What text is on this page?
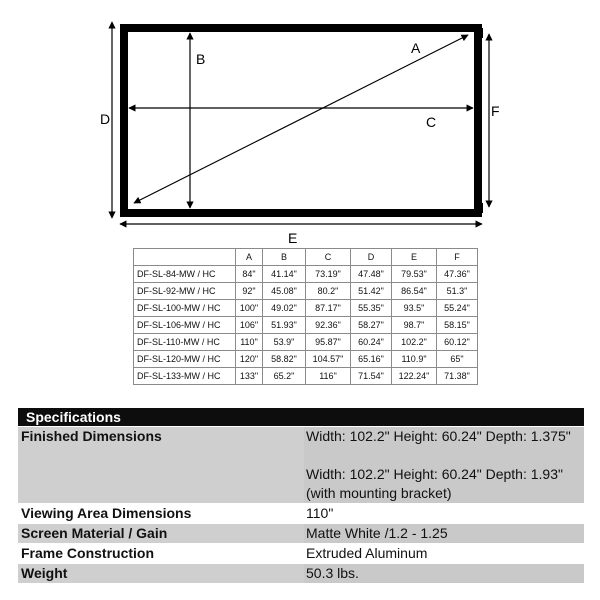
A
B
C
D
E
F
	A	B	C	D	E	F
DF-SL-84-MW / HC	84"	41.14"	73.19"	47.48"	79.53"	47.36"
DF-SL-92-MW / HC	92"	45.08"	80.2"	51.42"	86.54"	51.3"
DF-SL-100-MW / HC	100"	49.02"	87.17"	55.35"	93.5"	55.24"
DF-SL-106-MW / HC	106"	51.93"	92.36"	58.27"	98.7"	58.15"
DF-SL-110-MW / HC	110"	53.9"	95.87"	60.24"	102.2"	60.12"
DF-SL-120-MW / HC	120"	58.82"	104.57"	65.16"	110.9"	65"
DF-SL-133-MW / HC	133"	65.2"	116"	71.54"	122.24"	71.38"
Specifications
Finished Dimensions	Width: 102.2" Height: 60.24" Depth: 1.375"
Width: 102.2" Height: 60.24" Depth: 1.93"
(with mounting bracket)
Viewing Area Dimensions	110"
Screen Material / Gain	Matte White /1.2 - 1.25
Frame Construction	Extruded Aluminum
Weight	50.3 lbs.
